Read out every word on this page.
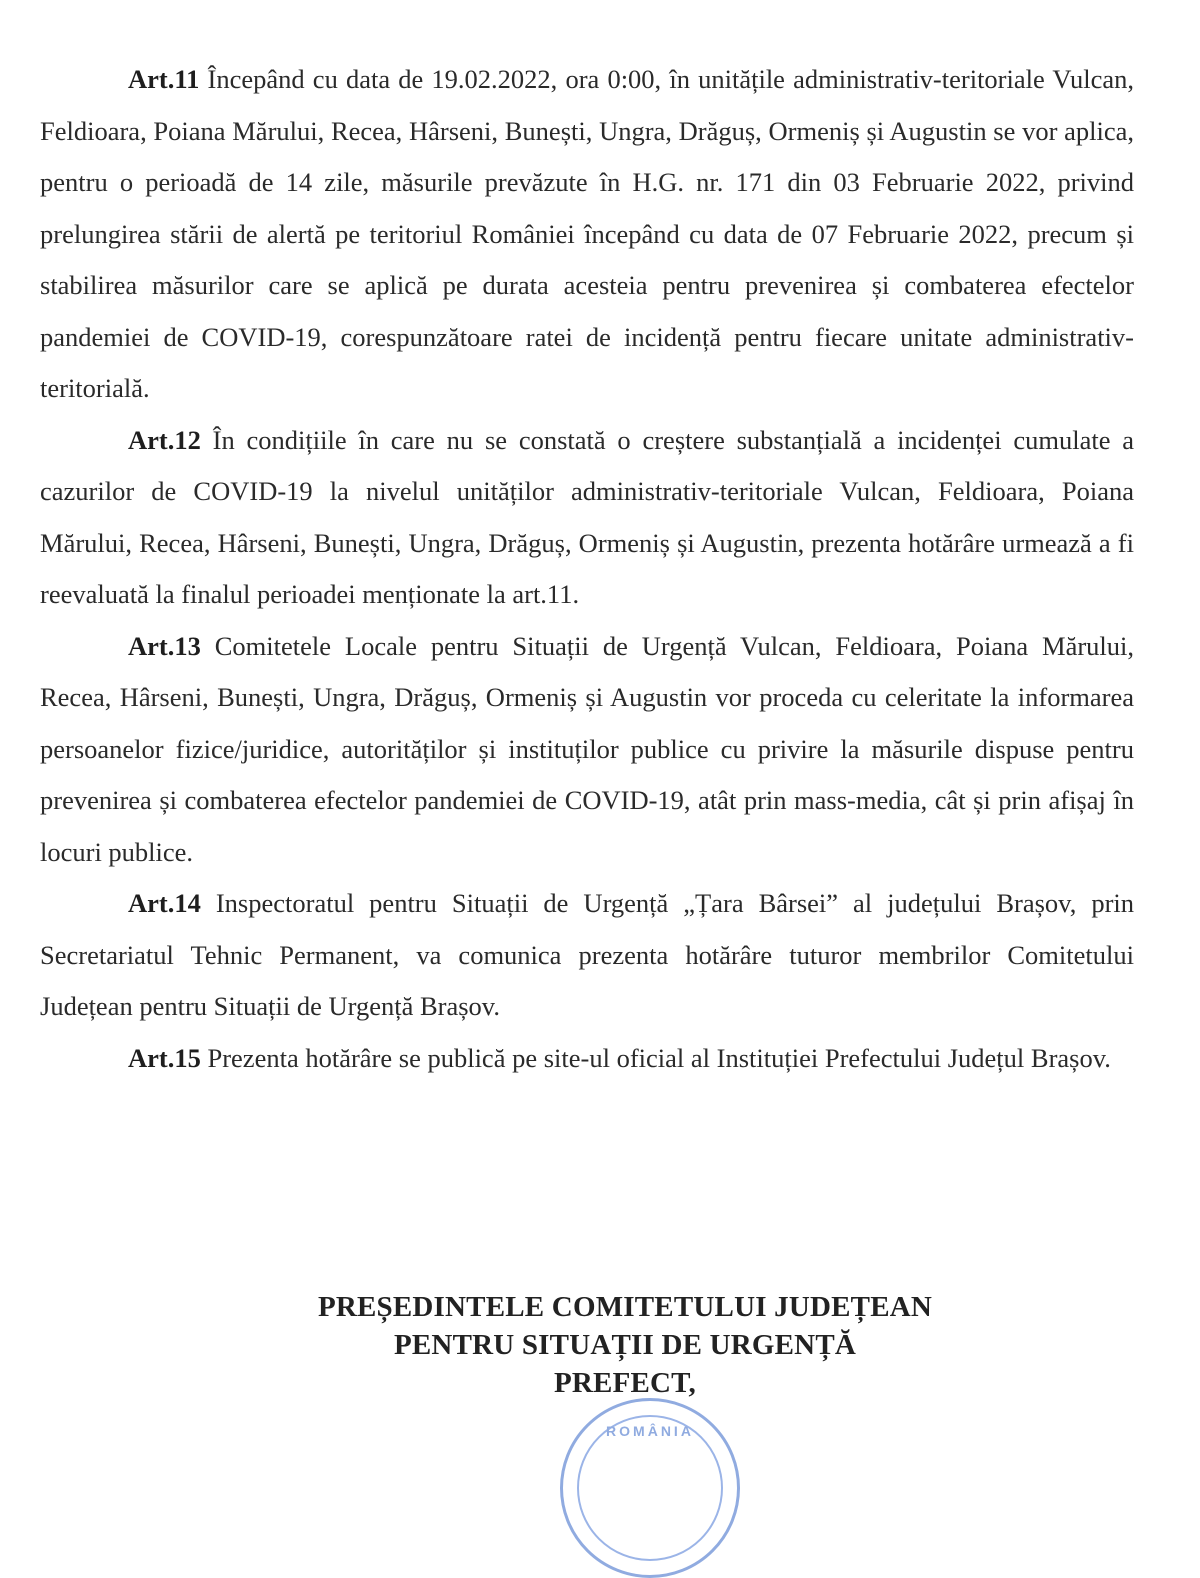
Art.11 Începând cu data de 19.02.2022, ora 0:00, în unitățile administrativ-teritoriale Vulcan, Feldioara, Poiana Mărului, Recea, Hârseni, Bunești, Ungra, Drăguș, Ormeniș și Augustin se vor aplica, pentru o perioadă de 14 zile, măsurile prevăzute în H.G. nr. 171 din 03 Februarie 2022, privind prelungirea stării de alertă pe teritoriul României începând cu data de 07 Februarie 2022, precum și stabilirea măsurilor care se aplică pe durata acesteia pentru prevenirea și combaterea efectelor pandemiei de COVID-19, corespunzătoare ratei de incidență pentru fiecare unitate administrativ-teritorială.

Art.12 În condițiile în care nu se constată o creștere substanțială a incidenței cumulate a cazurilor de COVID-19 la nivelul unităților administrativ-teritoriale Vulcan, Feldioara, Poiana Mărului, Recea, Hârseni, Bunești, Ungra, Drăguș, Ormeniș și Augustin, prezenta hotărâre urmează a fi reevaluată la finalul perioadei menționate la art.11.

Art.13 Comitetele Locale pentru Situații de Urgență Vulcan, Feldioara, Poiana Mărului, Recea, Hârseni, Bunești, Ungra, Drăguș, Ormeniș și Augustin vor proceda cu celeritate la informarea persoanelor fizice/juridice, autorităților și instituților publice cu privire la măsurile dispuse pentru prevenirea și combaterea efectelor pandemiei de COVID-19, atât prin mass-media, cât și prin afișaj în locuri publice.

Art.14 Inspectoratul pentru Situații de Urgență „Țara Bârsei” al județului Brașov, prin Secretariatul Tehnic Permanent, va comunica prezenta hotărâre tuturor membrilor Comitetului Județean pentru Situații de Urgență Brașov.

Art.15 Prezenta hotărâre se publică pe site-ul oficial al Instituției Prefectului Județul Brașov.

ROMÂNIA
PREȘEDINTELE COMITETULUI JUDEȚEAN
PENTRU SITUAȚII DE URGENȚĂ
PREFECT,
